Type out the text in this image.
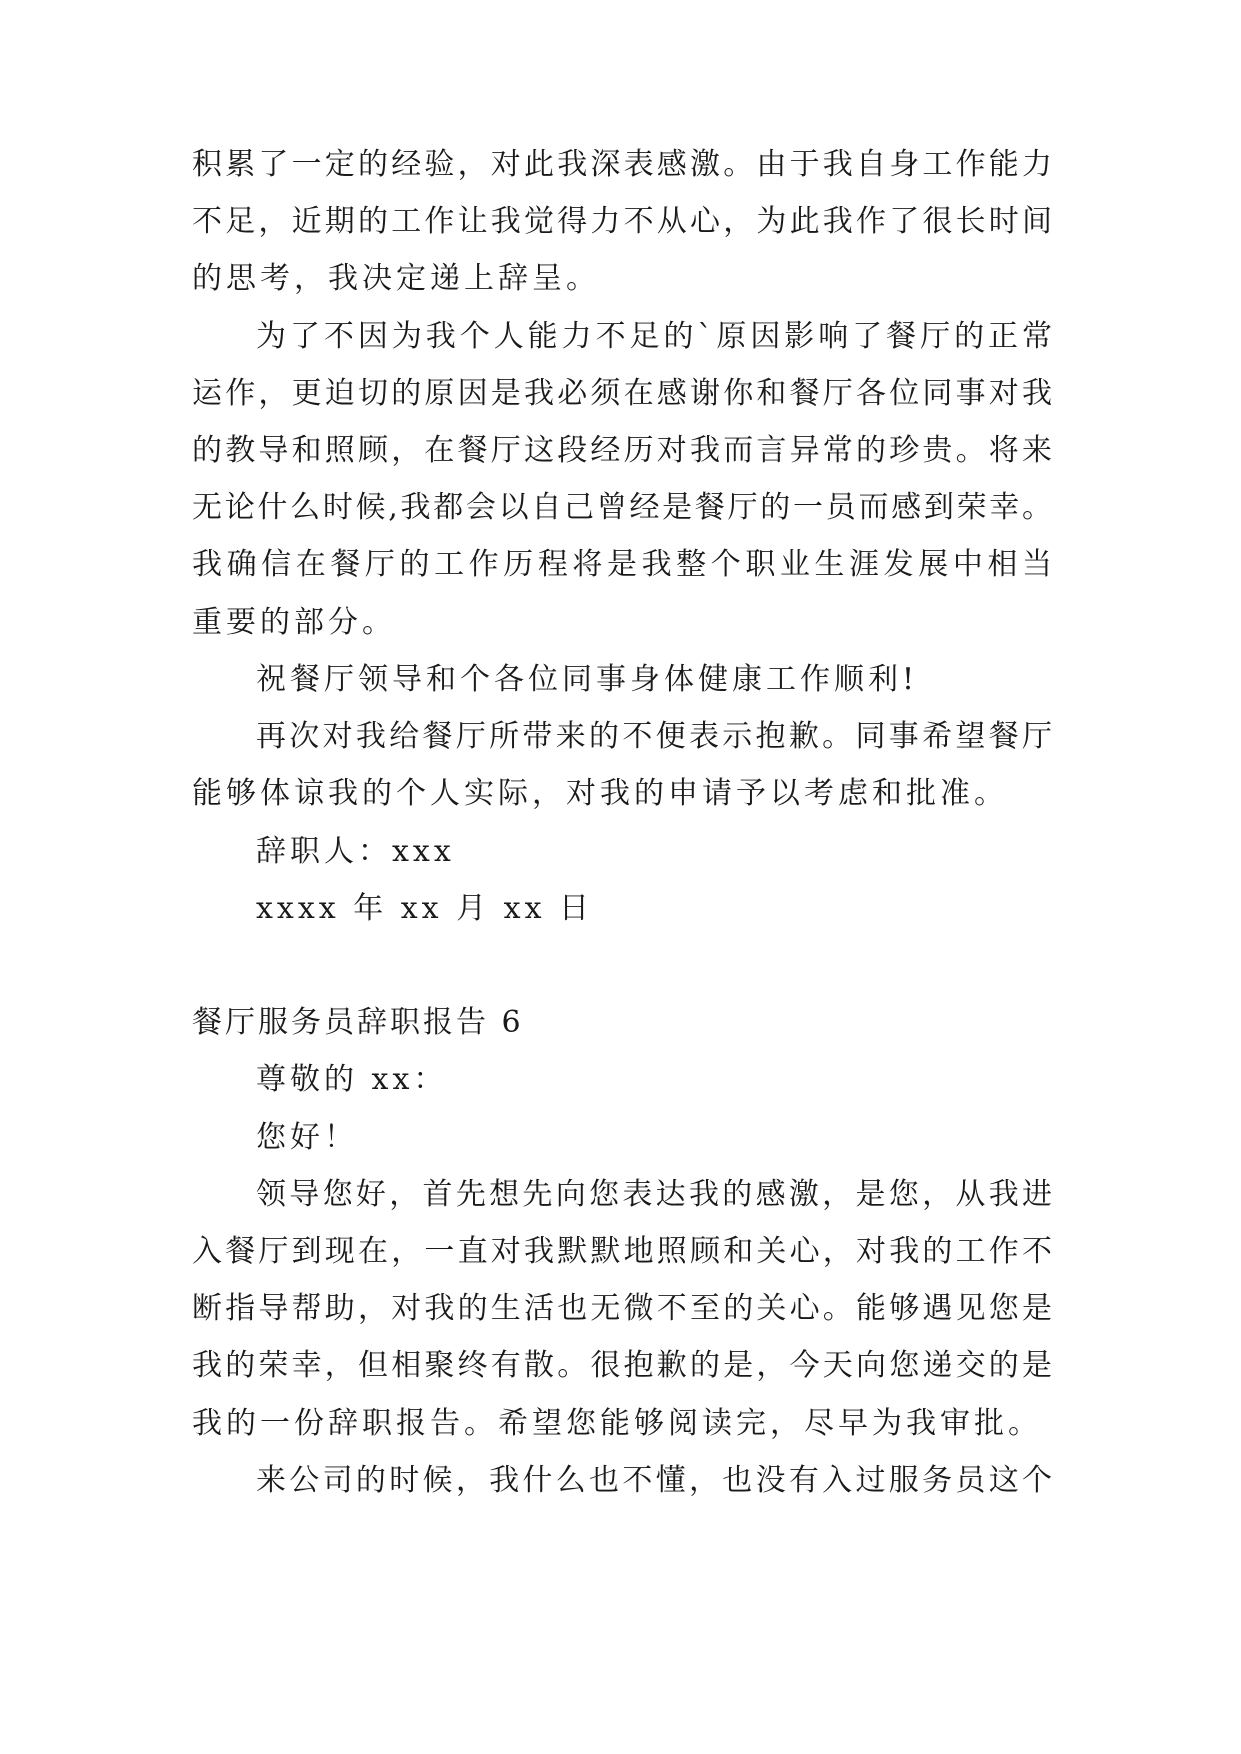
积累了一定的经验，对此我深表感激。由于我自身工作能力
不足，近期的工作让我觉得力不从心，为此我作了很长时间
的思考，我决定递上辞呈。
为了不因为我个人能力不足的`原因影响了餐厅的正常
运作，更迫切的原因是我必须在感谢你和餐厅各位同事对我
的教导和照顾，在餐厅这段经历对我而言异常的珍贵。将来
无论什么时候,我都会以自己曾经是餐厅的一员而感到荣幸。
我确信在餐厅的工作历程将是我整个职业生涯发展中相当
重要的部分。
祝餐厅领导和个各位同事身体健康工作顺利!
再次对我给餐厅所带来的不便表示抱歉。同事希望餐厅
能够体谅我的个人实际，对我的申请予以考虑和批准。
辞职人：xxx
xxxx 年 xx 月 xx 日
餐厅服务员辞职报告 6
尊敬的 xx：
您好！
领导您好，首先想先向您表达我的感激，是您，从我进
入餐厅到现在，一直对我默默地照顾和关心，对我的工作不
断指导帮助，对我的生活也无微不至的关心。能够遇见您是
我的荣幸，但相聚终有散。很抱歉的是，今天向您递交的是
我的一份辞职报告。希望您能够阅读完，尽早为我审批。
来公司的时候，我什么也不懂，也没有入过服务员这个
